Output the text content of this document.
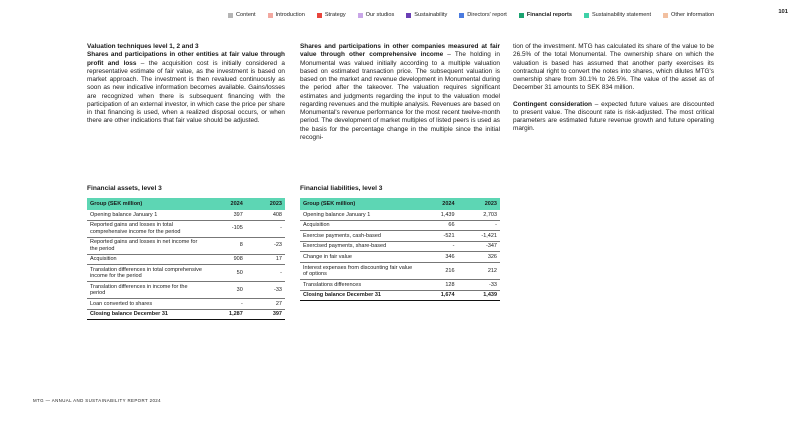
Content	Introduction	Strategy	Our studios	Sustainability	Directors' report	Financial reports	Sustainability statement	Other information	101

Valuation techniques level 1, 2 and 3
Shares and participations in other entities at fair value through profit and loss – the acquisition cost is initially considered a representative estimate of fair value, as the investment is based on market approach. The investment is then revalued continuously as soon as new indicative information becomes available. Gains/losses are recognized when there is subsequent financing with the participation of an external investor, in which case the price per share in that financing is used, when a realized disposal occurs, or when there are other indications that fair value should be adjusted.

Shares and participations in other companies measured at fair value through other comprehensive income – The holding in Monumental was valued initially according to a multiple valuation based on estimated transaction price. The subsequent valuation is based on the market and revenue development in Monumental during the period after the takeover. The valuation requires significant estimates and judgments regarding the input to the valuation model regarding revenues and the multiple analysis. Revenues are based on Monumental's revenue performance for the most recent twelve-month period. The development of market multiples of listed peers is used as the basis for the percentage change in the multiple since the initial recogni-

tion of the investment. MTG has calculated its share of the value to be 26.5% of the total Monumental. The ownership share on which the valuation is based has assumed that another party exercises its contractual right to convert the notes into shares, which dilutes MTG's ownership share from 30.1% to 26.5%. The value of the asset as of December 31 amounts to SEK 834 million.

Contingent consideration – expected future values are discounted to present value. The discount rate is risk-adjusted. The most critical parameters are estimated future revenue growth and future operating margin.

Financial assets, level 3	Financial liabilities, level 3
Group (SEK million)	2024	2023
Opening balance January 1	397	408
Reported gains and losses in total comprehensive income for the period	-105	-
Reported gains and losses in net income for the period	8	-23
Acquisition	908	17
Translation differences in total comprehensive income for the period	50	-
Translation differences in income for the period	30	-33
Loan converted to shares	-	27
Closing balance December 31	1,287	397
Group (SEK million)	2024	2023
Opening balance January 1	1,439	2,703
Acquisition	66	-
Exercise payments, cash-based	-521	-1,421
Exercised payments, share-based	-	-347
Change in fair value	346	326
Interest expenses from discounting fair value of options	216	212
Translations differences	128	-33
Closing balance December 31	1,674	1,439
MTG — ANNUAL AND SUSTAINABILITY REPORT 2024
